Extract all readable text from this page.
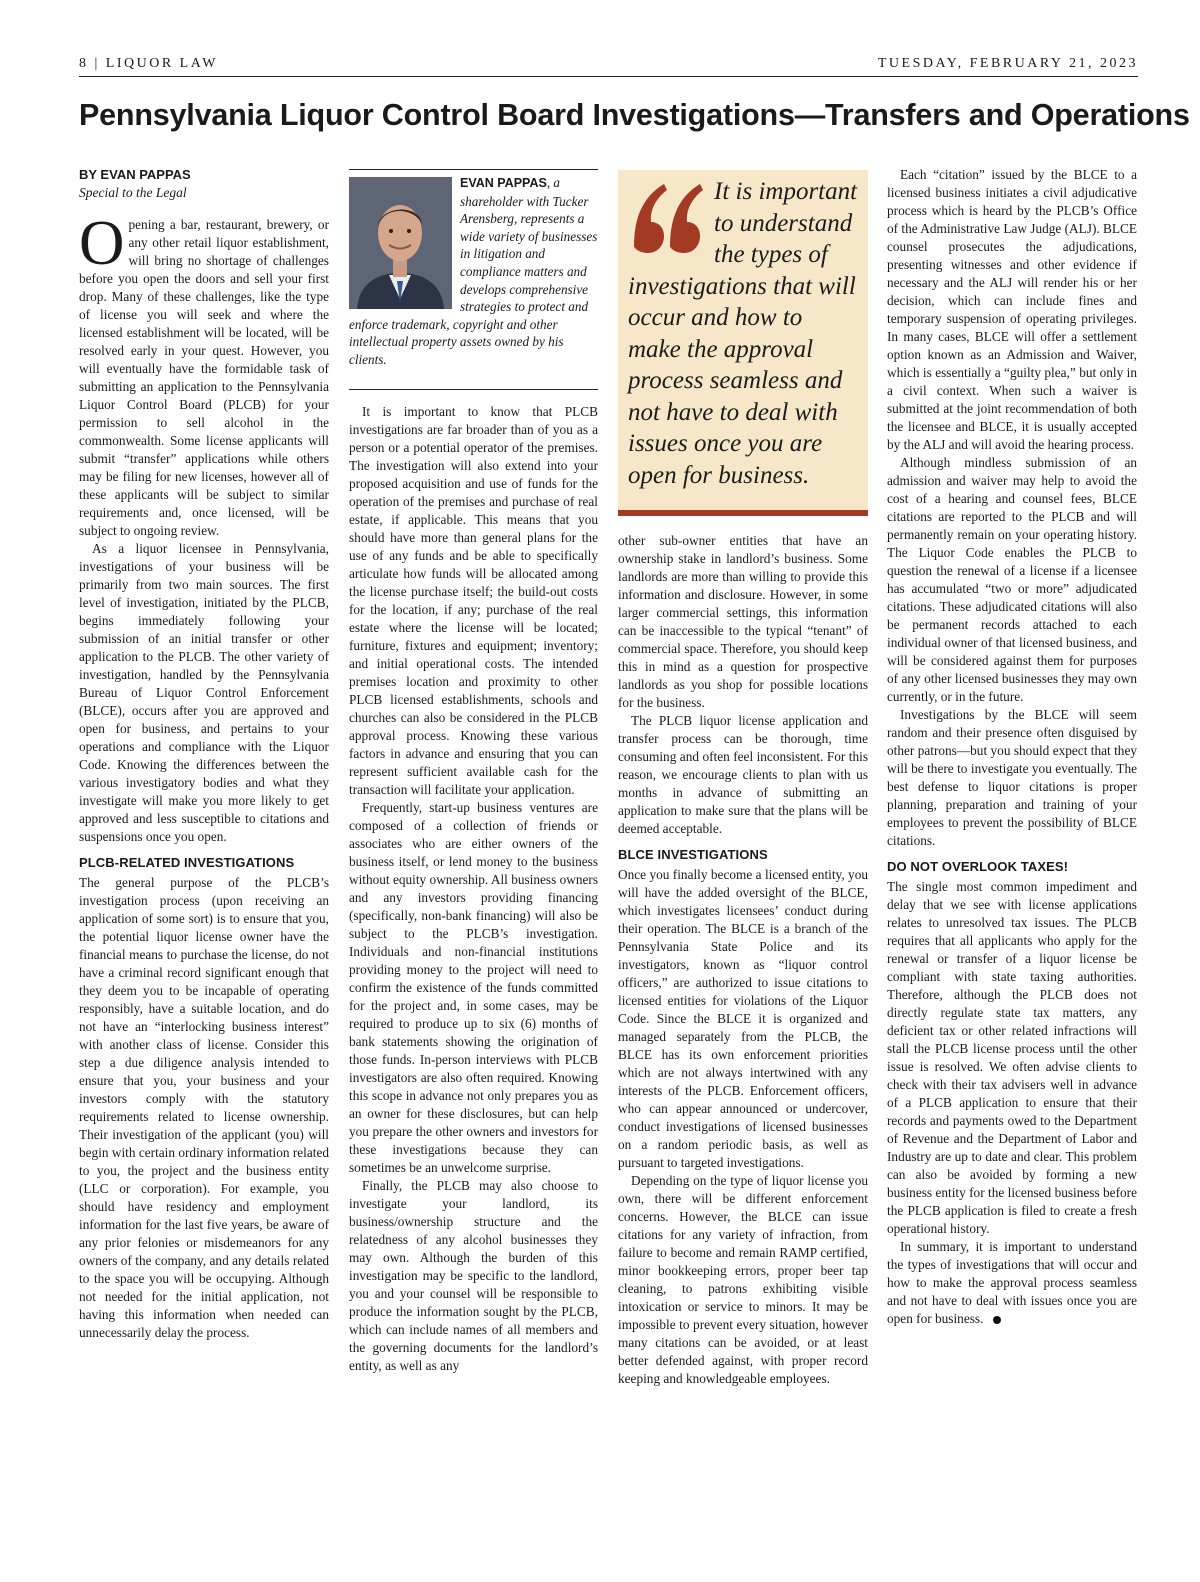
8 | LIQUOR LAW	TUESDAY, FEBRUARY 21, 2023
Pennsylvania Liquor Control Board Investigations—Transfers and Operations
BY EVAN PAPPAS
Special to the Legal

Opening a bar, restaurant, brewery, or any other retail liquor establishment, will bring no shortage of challenges before you open the doors and sell your first drop. Many of these challenges, like the type of license you will seek and where the licensed establishment will be located, will be resolved early in your quest. However, you will eventually have the formidable task of submitting an application to the Pennsylvania Liquor Control Board (PLCB) for your permission to sell alcohol in the commonwealth. Some license applicants will submit “transfer” applications while others may be filing for new licenses, however all of these applicants will be subject to similar requirements and, once licensed, will be subject to ongoing review.

As a liquor licensee in Pennsylvania, investigations of your business will be primarily from two main sources. The first level of investigation, initiated by the PLCB, begins immediately following your submission of an initial transfer or other application to the PLCB. The other variety of investigation, handled by the Pennsylvania Bureau of Liquor Control Enforcement (BLCE), occurs after you are approved and open for business, and pertains to your operations and compliance with the Liquor Code. Knowing the differences between the various investigatory bodies and what they investigate will make you more likely to get approved and less susceptible to citations and suspensions once you open.

PLCB-RELATED INVESTIGATIONS

The general purpose of the PLCB’s investigation process (upon receiving an application of some sort) is to ensure that you, the potential liquor license owner have the financial means to purchase the license, do not have a criminal record significant enough that they deem you to be incapable of operating responsibly, have a suitable location, and do not have an “interlocking business interest” with another class of license. Consider this step a due diligence analysis intended to ensure that you, your business and your investors comply with the statutory requirements related to license ownership. Their investigation of the applicant (you) will begin with certain ordinary information related to you, the project and the business entity (LLC or corporation). For example, you should have residency and employment information for the last five years, be aware of any prior felonies or misdemeanors for any owners of the company, and any details related to the space you will be occupying. Although not needed for the initial application, not having this information when needed can unnecessarily delay the process.

EVAN PAPPAS, a shareholder with Tucker Arensberg, represents a wide variety of businesses in litigation and compliance matters and develops comprehensive strategies to protect and enforce trademark, copyright and other intellectual property assets owned by his clients.

It is important to know that PLCB investigations are far broader than of you as a person or a potential operator of the premises. The investigation will also extend into your proposed acquisition and use of funds for the operation of the premises and purchase of real estate, if applicable. This means that you should have more than general plans for the use of any funds and be able to specifically articulate how funds will be allocated among the license purchase itself; the build-out costs for the location, if any; purchase of the real estate where the license will be located; furniture, fixtures and equipment; inventory; and initial operational costs. The intended premises location and proximity to other PLCB licensed establishments, schools and churches can also be considered in the PLCB approval process. Knowing these various factors in advance and ensuring that you can represent sufficient available cash for the transaction will facilitate your application.

Frequently, start-up business ventures are composed of a collection of friends or associates who are either owners of the business itself, or lend money to the business without equity ownership. All business owners and any investors providing financing (specifically, non-bank financing) will also be subject to the PLCB’s investigation. Individuals and non-financial institutions providing money to the project will need to confirm the existence of the funds committed for the project and, in some cases, may be required to produce up to six (6) months of bank statements showing the origination of those funds. In-person interviews with PLCB investigators are also often required. Knowing this scope in advance not only prepares you as an owner for these disclosures, but can help you prepare the other owners and investors for these investigations because they can sometimes be an unwelcome surprise.

Finally, the PLCB may also choose to investigate your landlord, its business/ownership structure and the relatedness of any alcohol businesses they may own. Although the burden of this investigation may be specific to the landlord, you and your counsel will be responsible to produce the information sought by the PLCB, which can include names of all members and the governing documents for the landlord’s entity, as well as any

It is important to understand the types of investigations that will occur and how to make the approval process seamless and not have to deal with issues once you are open for business.

other sub-owner entities that have an ownership stake in landlord’s business. Some landlords are more than willing to provide this information and disclosure. However, in some larger commercial settings, this information can be inaccessible to the typical “tenant” of commercial space. Therefore, you should keep this in mind as a question for prospective landlords as you shop for possible locations for the business.

The PLCB liquor license application and transfer process can be thorough, time consuming and often feel inconsistent. For this reason, we encourage clients to plan with us months in advance of submitting an application to make sure that the plans will be deemed acceptable.

BLCE INVESTIGATIONS

Once you finally become a licensed entity, you will have the added oversight of the BLCE, which investigates licensees’ conduct during their operation. The BLCE is a branch of the Pennsylvania State Police and its investigators, known as “liquor control officers,” are authorized to issue citations to licensed entities for violations of the Liquor Code. Since the BLCE it is organized and managed separately from the PLCB, the BLCE has its own enforcement priorities which are not always intertwined with any interests of the PLCB. Enforcement officers, who can appear announced or undercover, conduct investigations of licensed businesses on a random periodic basis, as well as pursuant to targeted investigations.

Depending on the type of liquor license you own, there will be different enforcement concerns. However, the BLCE can issue citations for any variety of infraction, from failure to become and remain RAMP certified, minor bookkeeping errors, proper beer tap cleaning, to patrons exhibiting visible intoxication or service to minors. It may be impossible to prevent every situation, however many citations can be avoided, or at least better defended against, with proper record keeping and knowledgeable employees.

Each “citation” issued by the BLCE to a licensed business initiates a civil adjudicative process which is heard by the PLCB’s Office of the Administrative Law Judge (ALJ). BLCE counsel prosecutes the adjudications, presenting witnesses and other evidence if necessary and the ALJ will render his or her decision, which can include fines and temporary suspension of operating privileges. In many cases, BLCE will offer a settlement option known as an Admission and Waiver, which is essentially a “guilty plea,” but only in a civil context. When such a waiver is submitted at the joint recommendation of both the licensee and BLCE, it is usually accepted by the ALJ and will avoid the hearing process.

Although mindless submission of an admission and waiver may help to avoid the cost of a hearing and counsel fees, BLCE citations are reported to the PLCB and will permanently remain on your operating history. The Liquor Code enables the PLCB to question the renewal of a license if a licensee has accumulated “two or more” adjudicated citations. These adjudicated citations will also be permanent records attached to each individual owner of that licensed business, and will be considered against them for purposes of any other licensed businesses they may own currently, or in the future.

Investigations by the BLCE will seem random and their presence often disguised by other patrons—but you should expect that they will be there to investigate you eventually. The best defense to liquor citations is proper planning, preparation and training of your employees to prevent the possibility of BLCE citations.

DO NOT OVERLOOK TAXES!

The single most common impediment and delay that we see with license applications relates to unresolved tax issues. The PLCB requires that all applicants who apply for the renewal or transfer of a liquor license be compliant with state taxing authorities. Therefore, although the PLCB does not directly regulate state tax matters, any deficient tax or other related infractions will stall the PLCB license process until the other issue is resolved. We often advise clients to check with their tax advisers well in advance of a PLCB application to ensure that their records and payments owed to the Department of Revenue and the Department of Labor and Industry are up to date and clear. This problem can also be avoided by forming a new business entity for the licensed business before the PLCB application is filed to create a fresh operational history.

In summary, it is important to understand the types of investigations that will occur and how to make the approval process seamless and not have to deal with issues once you are open for business.
